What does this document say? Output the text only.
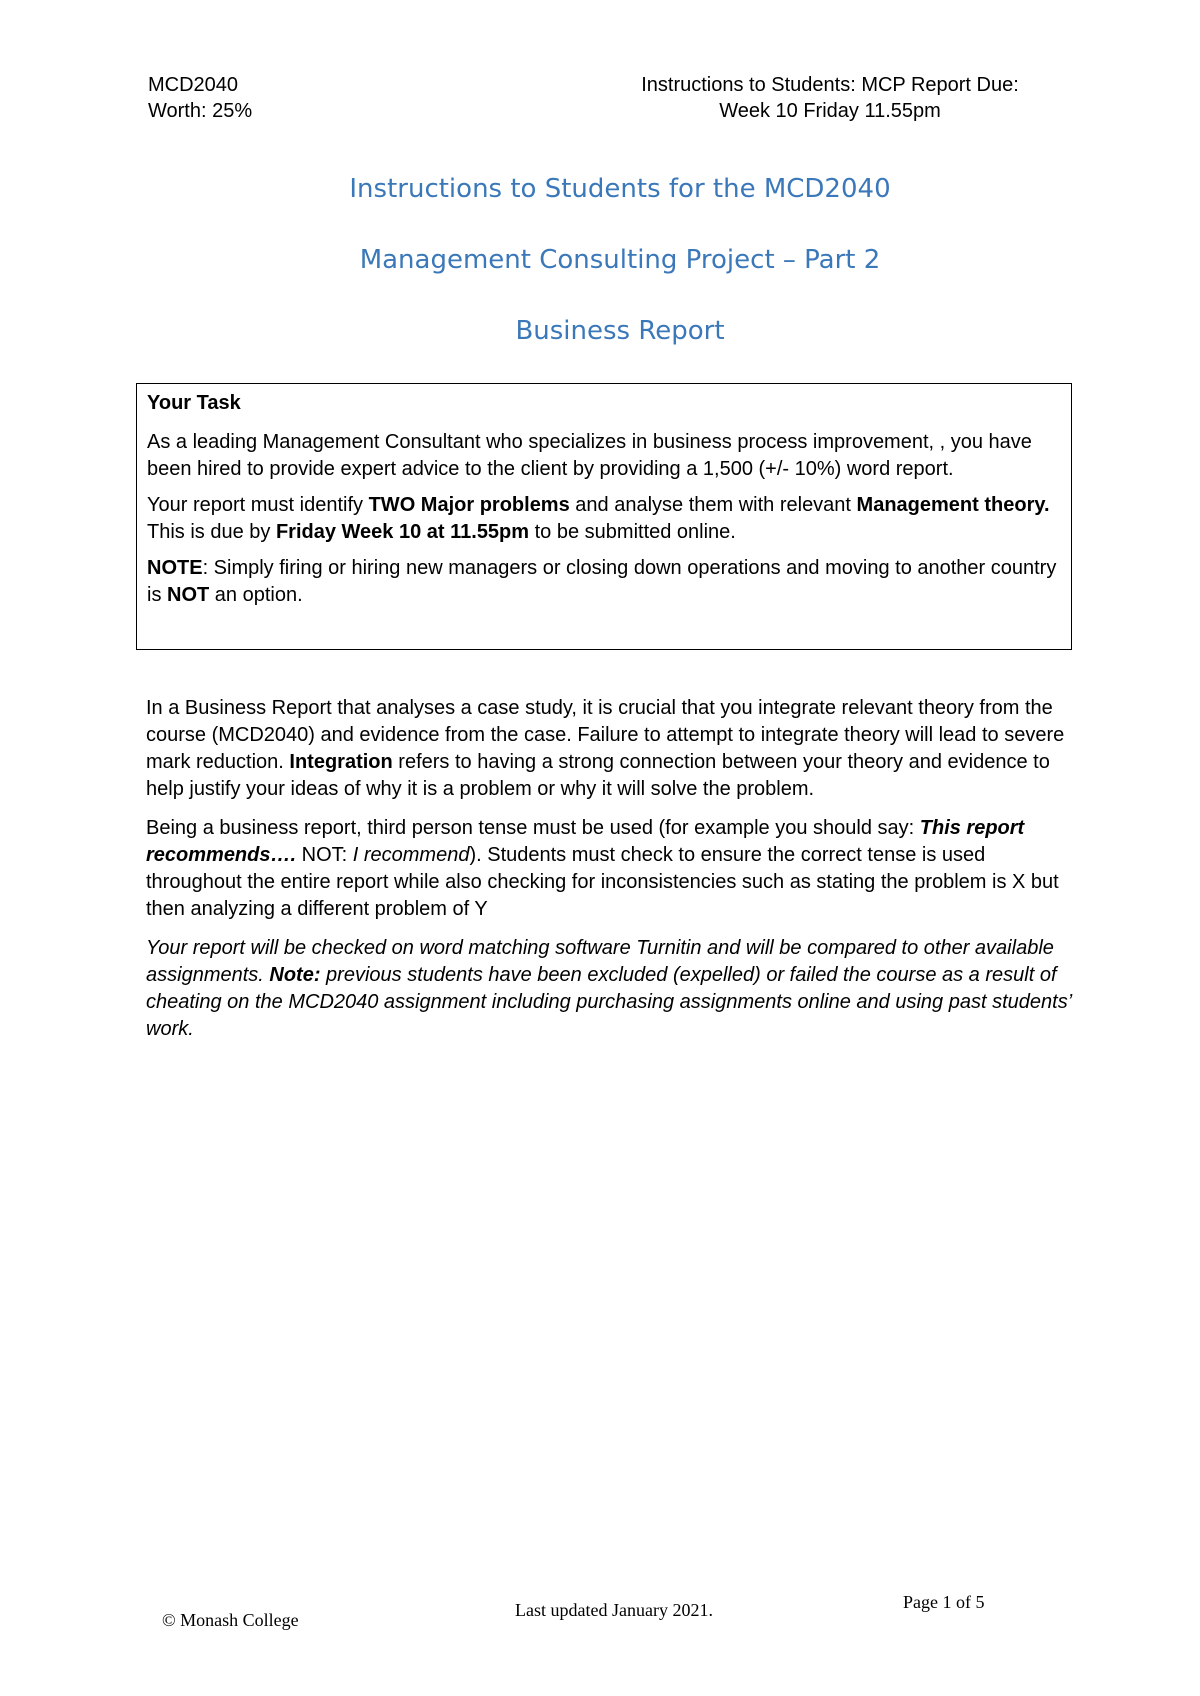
MCD2040
Worth: 25%
Instructions to Students: MCP Report Due:
Week 10 Friday 11.55pm
Instructions to Students for the MCD2040
Management Consulting Project – Part 2
Business Report

Your Task

As a leading Management Consultant who specializes in business process improvement, , you have been hired to provide expert advice to the client by providing a 1,500 (+/- 10%) word report.

Your report must identify TWO Major problems and analyse them with relevant Management theory. This is due by Friday Week 10 at 11.55pm to be submitted online.

NOTE: Simply firing or hiring new managers or closing down operations and moving to another country is NOT an option.

In a Business Report that analyses a case study, it is crucial that you integrate relevant theory from the course (MCD2040) and evidence from the case. Failure to attempt to integrate theory will lead to severe mark reduction. Integration refers to having a strong connection between your theory and evidence to help justify your ideas of why it is a problem or why it will solve the problem.

Being a business report, third person tense must be used (for example you should say: This report recommends…. NOT: I recommend). Students must check to ensure the correct tense is used throughout the entire report while also checking for inconsistencies such as stating the problem is X but then analyzing a different problem of Y

Your report will be checked on word matching software Turnitin and will be compared to other available assignments. Note: previous students have been excluded (expelled) or failed the course as a result of cheating on the MCD2040 assignment including purchasing assignments online and using past students’ work.

© Monash College	Last updated January 2021.	Page 1 of 5
